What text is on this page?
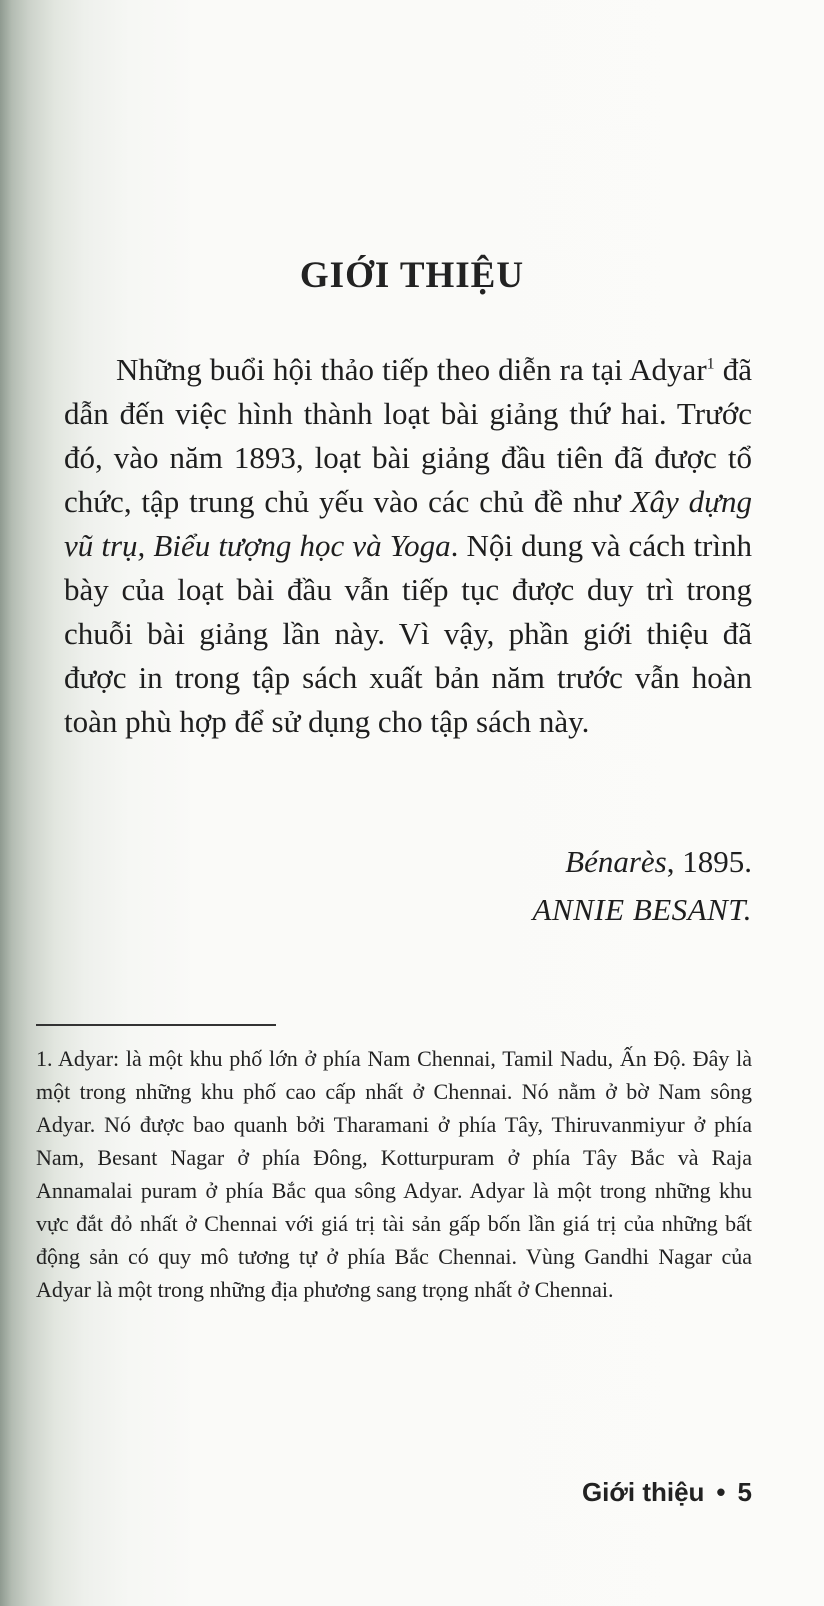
GIỚI THIỆU

Những buổi hội thảo tiếp theo diễn ra tại Adyar$^1$ đã dẫn đến việc hình thành loạt bài giảng thứ hai. Trước đó, vào năm 1893, loạt bài giảng đầu tiên đã được tổ chức, tập trung chủ yếu vào các chủ đề như Xây dựng vũ trụ, Biểu tượng học và Yoga. Nội dung và cách trình bày của loạt bài đầu vẫn tiếp tục được duy trì trong chuỗi bài giảng lần này. Vì vậy, phần giới thiệu đã được in trong tập sách xuất bản năm trước vẫn hoàn toàn phù hợp để sử dụng cho tập sách này.

Bénarès, 1895.

ANNIE BESANT.

1. Adyar: là một khu phố lớn ở phía Nam Chennai, Tamil Nadu, Ấn Độ. Đây là một trong những khu phố cao cấp nhất ở Chennai. Nó nằm ở bờ Nam sông Adyar. Nó được bao quanh bởi Tharamani ở phía Tây, Thiruvanmiyur ở phía Nam, Besant Nagar ở phía Đông, Kotturpuram ở phía Tây Bắc và Raja Annamalai puram ở phía Bắc qua sông Adyar. Adyar là một trong những khu vực đắt đỏ nhất ở Chennai với giá trị tài sản gấp bốn lần giá trị của những bất động sản có quy mô tương tự ở phía Bắc Chennai. Vùng Gandhi Nagar của Adyar là một trong những địa phương sang trọng nhất ở Chennai.

Giới thiệu • 5
